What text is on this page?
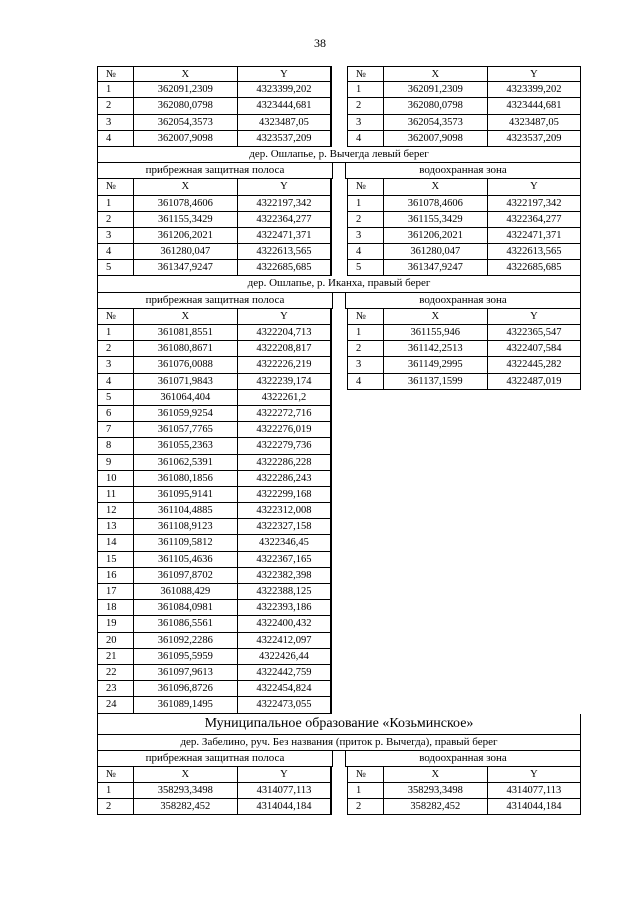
38
№	X	Y	№	X	Y
1	362091,2309	4323399,202	1	362091,2309	4323399,202
2	362080,0798	4323444,681	2	362080,0798	4323444,681
3	362054,3573	4323487,05	3	362054,3573	4323487,05
4	362007,9098	4323537,209	4	362007,9098	4323537,209
дер. Ошлапье, р. Вычегда левый берег
прибрежная защитная полоса	водоохранная зона
№	X	Y	№	X	Y
1	361078,4606	4322197,342	1	361078,4606	4322197,342
2	361155,3429	4322364,277	2	361155,3429	4322364,277
3	361206,2021	4322471,371	3	361206,2021	4322471,371
4	361280,047	4322613,565	4	361280,047	4322613,565
5	361347,9247	4322685,685	5	361347,9247	4322685,685
дер. Ошлапье, р. Иканха, правый берег
прибрежная защитная полоса	водоохранная зона
№	X	Y	№	X	Y
1	361081,8551	4322204,713	1	361155,946	4322365,547
2	361080,8671	4322208,817	2	361142,2513	4322407,584
3	361076,0088	4322226,219	3	361149,2995	4322445,282
4	361071,9843	4322239,174	4	361137,1599	4322487,019
5	361064,404	4322261,2
6	361059,9254	4322272,716
7	361057,7765	4322276,019
8	361055,2363	4322279,736
9	361062,5391	4322286,228
10	361080,1856	4322286,243
11	361095,9141	4322299,168
12	361104,4885	4322312,008
13	361108,9123	4322327,158
14	361109,5812	4322346,45
15	361105,4636	4322367,165
16	361097,8702	4322382,398
17	361088,429	4322388,125
18	361084,0981	4322393,186
19	361086,5561	4322400,432
20	361092,2286	4322412,097
21	361095,5959	4322426,44
22	361097,9613	4322442,759
23	361096,8726	4322454,824
24	361089,1495	4322473,055
Муниципальное образование «Козьминское»
дер. Забелино, руч. Без названия (приток р. Вычегда), правый берег
прибрежная защитная полоса	водоохранная зона
№	X	Y	№	X	Y
1	358293,3498	4314077,113	1	358293,3498	4314077,113
2	358282,452	4314044,184	2	358282,452	4314044,184
